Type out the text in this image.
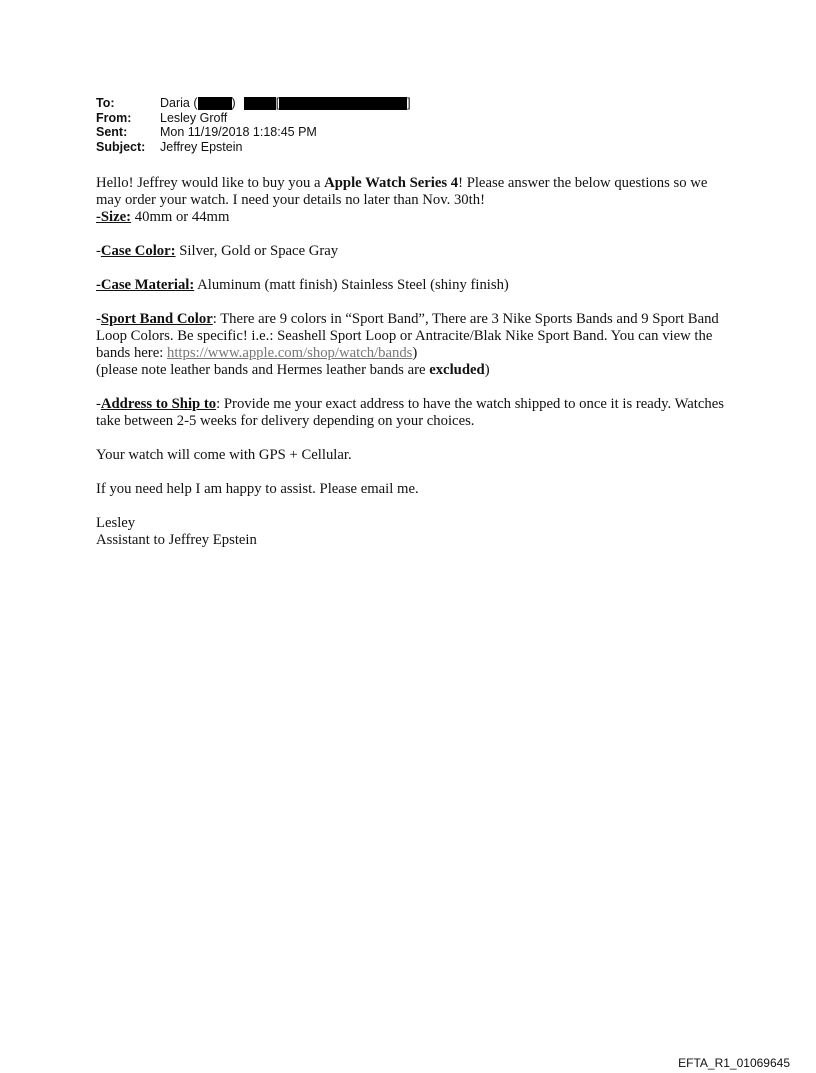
To:	Daria (	)	[	]
From:	Lesley Groff
Sent:	Mon 11/19/2018 1:18:45 PM
Subject:	Jeffrey Epstein

Hello! Jeffrey would like to buy you a Apple Watch Series 4! Please answer the below questions so we may order your watch. I need your details no later than Nov. 30th!

-Size: 40mm or 44mm

-Case Color: Silver, Gold or Space Gray

-Case Material: Aluminum (matt finish) Stainless Steel (shiny finish)

-Sport Band Color: There are 9 colors in “Sport Band”, There are 3 Nike Sports Bands and 9 Sport Band Loop Colors. Be specific! i.e.: Seashell Sport Loop or Antracite/Blak Nike Sport Band. You can view the bands here: https://www.apple.com/shop/watch/bands)
(please note leather bands and Hermes leather bands are excluded)

-Address to Ship to: Provide me your exact address to have the watch shipped to once it is ready. Watches take between 2-5 weeks for delivery depending on your choices.

Your watch will come with GPS + Cellular.

If you need help I am happy to assist. Please email me.

Lesley
Assistant to Jeffrey Epstein

EFTA_R1_01069645
